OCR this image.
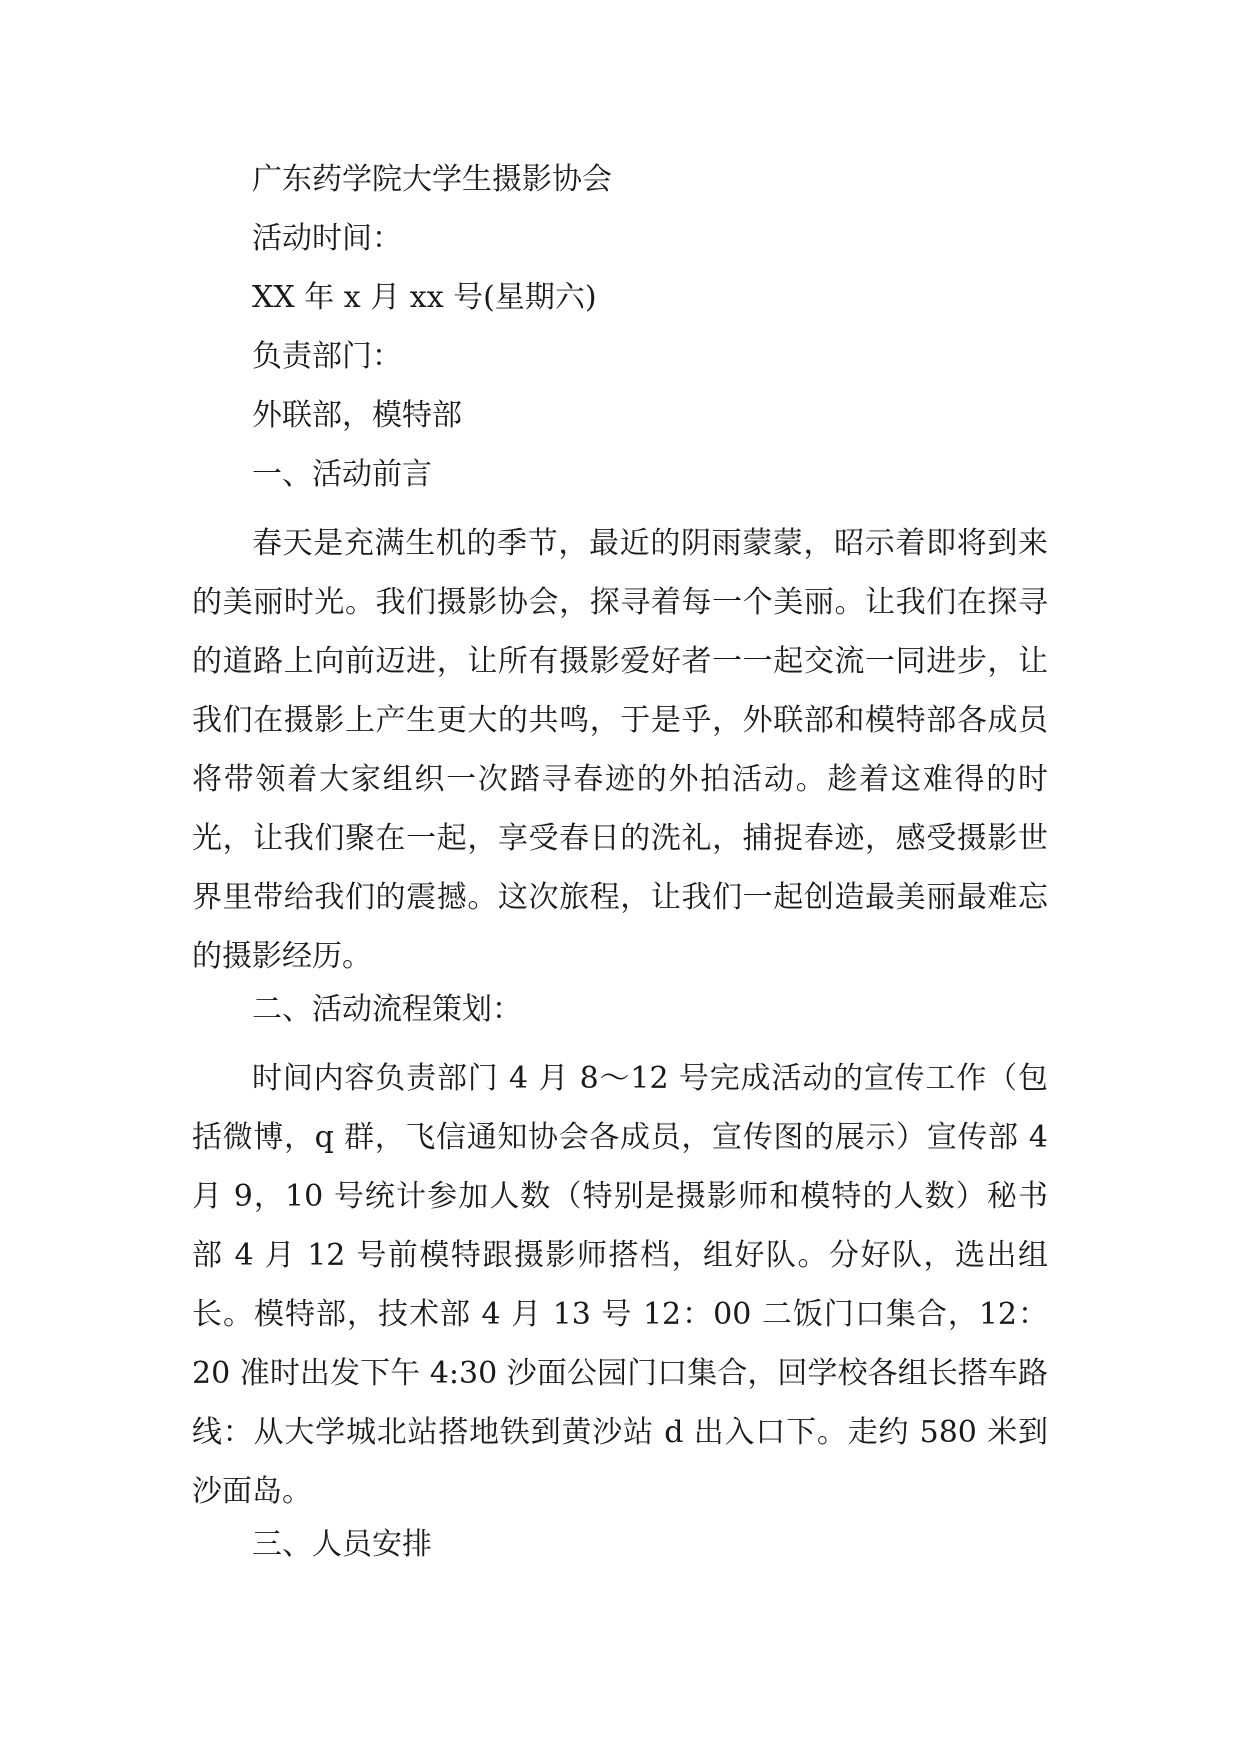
广东药学院大学生摄影协会
活动时间：
XX 年 x 月 xx 号(星期六)
负责部门：
外联部，模特部
一、活动前言

春天是充满生机的季节，最近的阴雨蒙蒙，昭示着即将到来的美丽时光。我们摄影协会，探寻着每一个美丽。让我们在探寻的道路上向前迈进，让所有摄影爱好者一一起交流一同进步，让我们在摄影上产生更大的共鸣，于是乎，外联部和模特部各成员将带领着大家组织一次踏寻春迹的外拍活动。趁着这难得的时光，让我们聚在一起，享受春日的洗礼，捕捉春迹，感受摄影世界里带给我们的震撼。这次旅程，让我们一起创造最美丽最难忘的摄影经历。

二、活动流程策划：

时间内容负责部门 4 月 8～12 号完成活动的宣传工作（包括微博，q 群，飞信通知协会各成员，宣传图的展示）宣传部 4 月 9，10 号统计参加人数（特别是摄影师和模特的人数）秘书部 4 月 12 号前模特跟摄影师搭档，组好队。分好队，选出组长。模特部，技术部 4 月 13 号 12：00 二饭门口集合，12：20 准时出发下午 4:30 沙面公园门口集合，回学校各组长搭车路线：从大学城北站搭地铁到黄沙站 d 出入口下。走约 580 米到沙面岛。

三、人员安排
